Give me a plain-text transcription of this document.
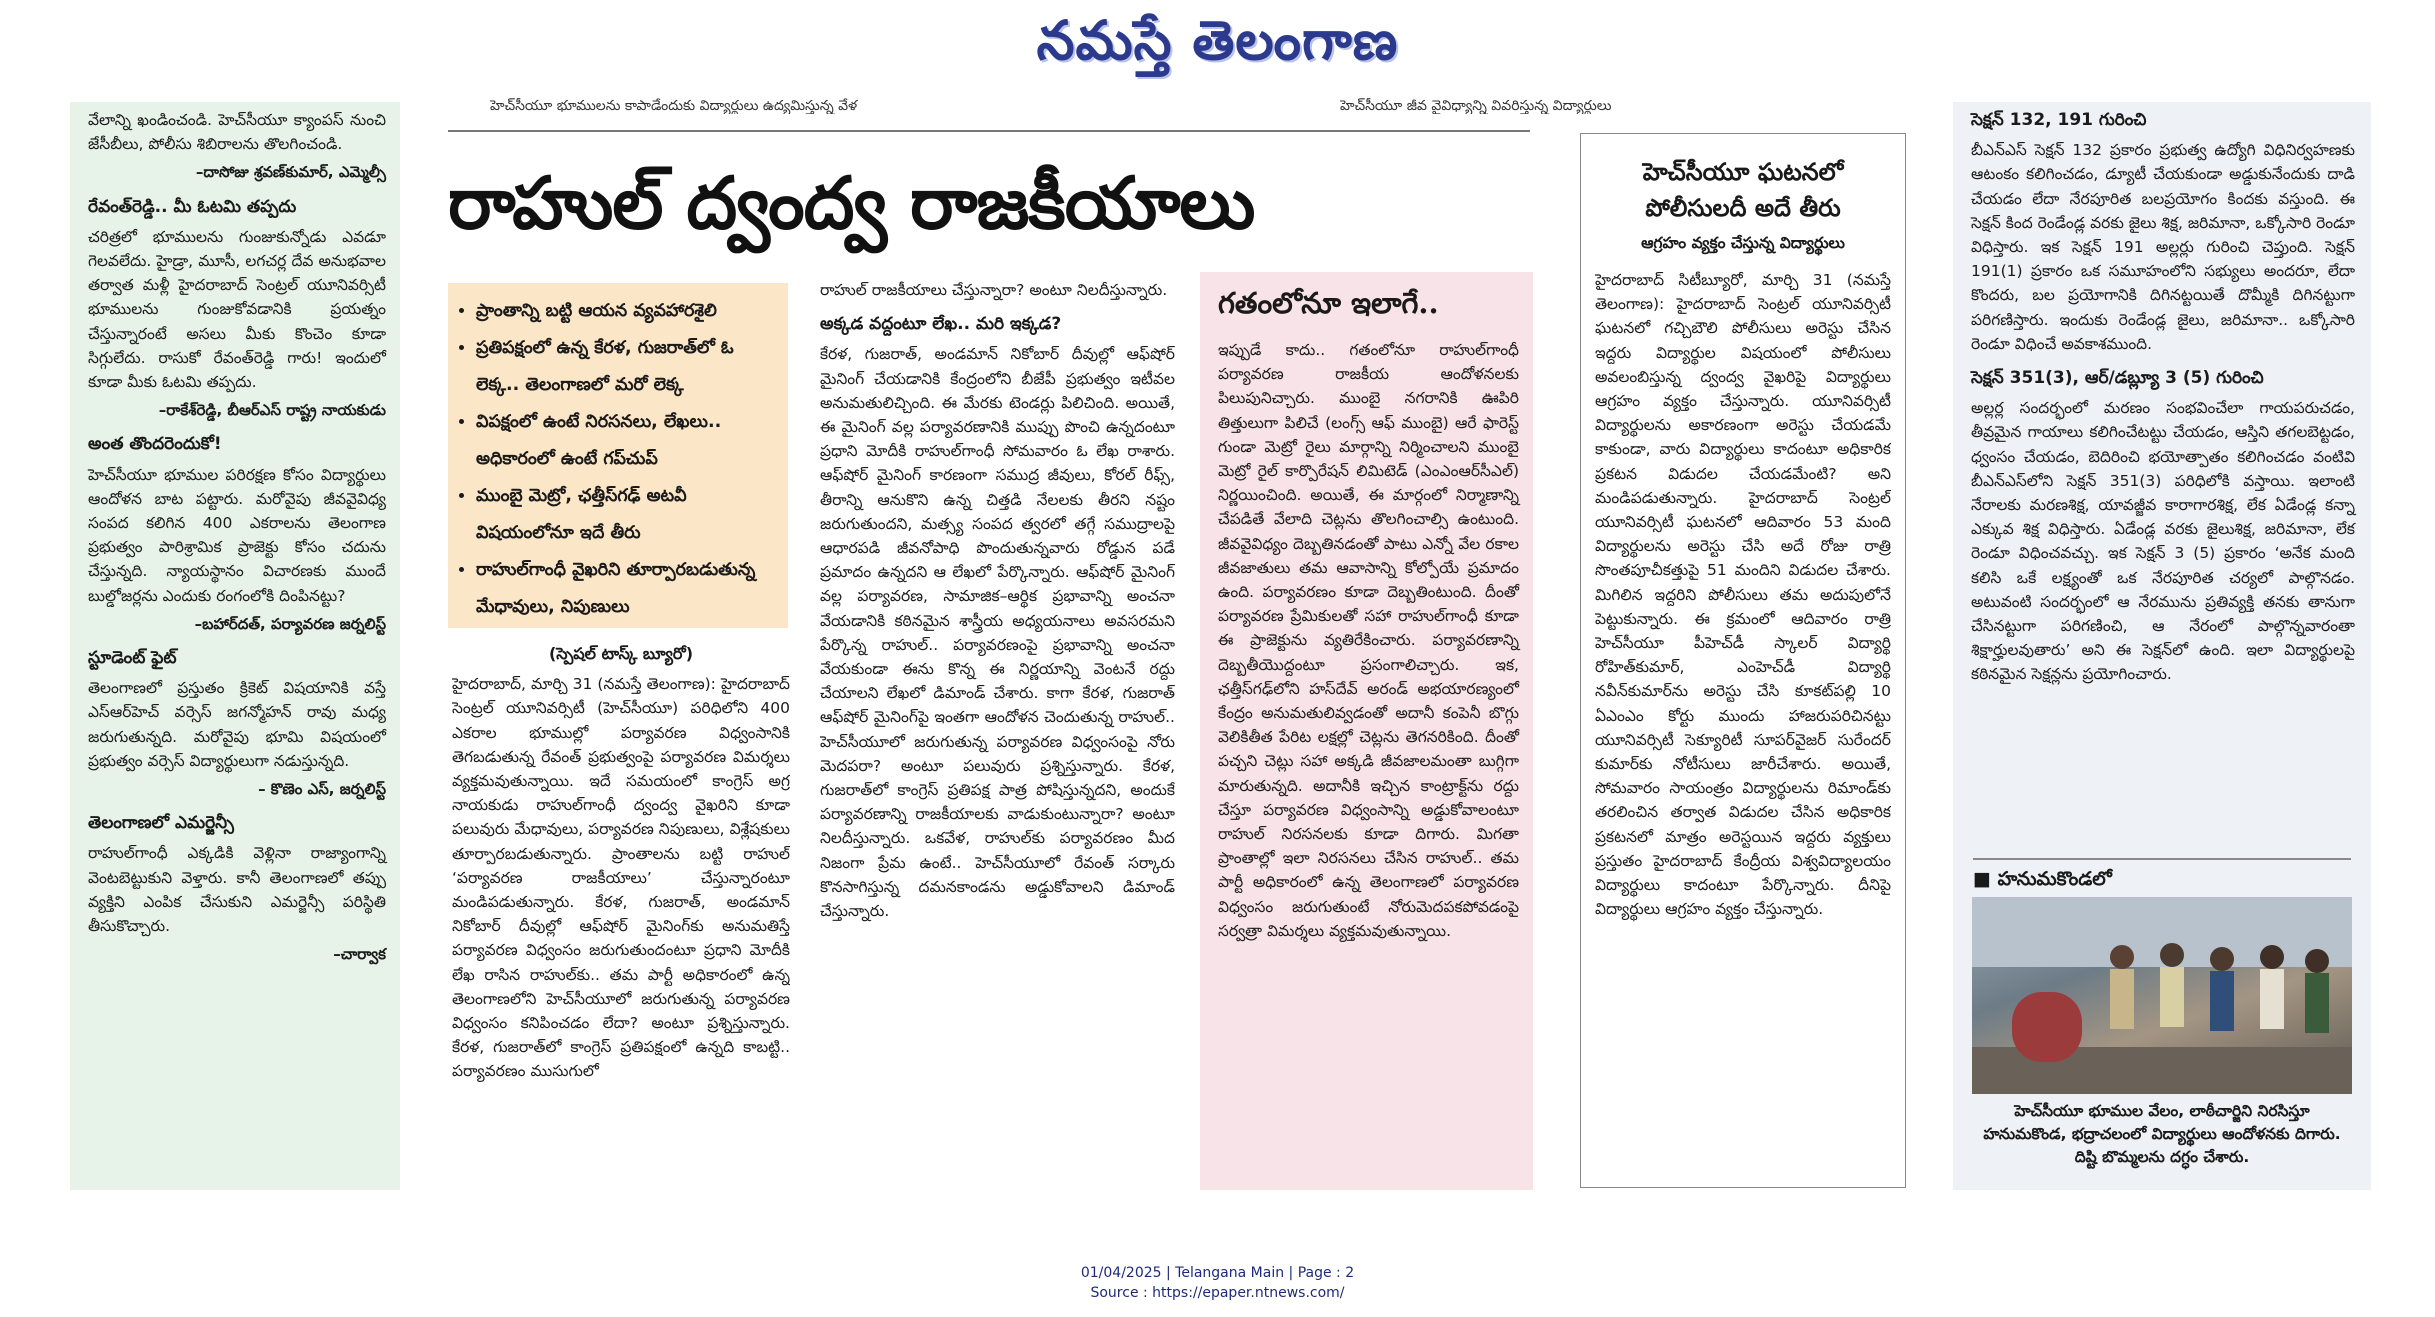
నమస్తే తెలంగాణ
హెచ్‌సీయూ భూములను కాపాడేందుకు విద్యార్థులు ఉద్యమిస్తున్న వేళ	హెచ్‌సీయూ జీవ వైవిధ్యాన్ని వివరిస్తున్న విద్యార్థులు

వేలాన్ని ఖండించండి. హెచ్‌సీయూ క్యాంపస్ నుంచి జేసీబీలు, పోలీసు శిబిరాలను తొలగించండి.

–దాసోజు శ్రవణ్‌కుమార్, ఎమ్మెల్సీ
రేవంత్‌రెడ్డి.. మీ ఓటమి తప్పదు

చరిత్రలో భూములను గుంజుకున్నోడు ఎవడూ గెలవలేదు. హైడ్రా, మూసీ, లగచర్ల దేవ అనుభవాల తర్వాత మళ్లీ హైదరాబాద్ సెంట్రల్ యూనివర్సిటీ భూములను గుంజుకోవడానికి ప్రయత్నం చేస్తున్నారంటే అసలు మీకు కొంచెం కూడా సిగ్గులేదు. రాసుకో రేవంత్‌రెడ్డి గారు! ఇందులో కూడా మీకు ఓటమి తప్పదు.

–రాకేశ్‌రెడ్డి, బీఆర్‌ఎస్ రాష్ట్ర నాయకుడు
అంత తొందరెందుకో!

హెచ్‌సీయూ భూముల పరిరక్షణ కోసం విద్యార్థులు ఆందోళన బాట పట్టారు. మరోవైపు జీవవైవిధ్య సంపద కలిగిన 400 ఎకరాలను తెలంగాణ ప్రభుత్వం పారిశ్రామిక ప్రాజెక్టు కోసం చదును చేస్తున్నది. న్యాయస్థానం విచారణకు ముందే బుల్డోజర్లను ఎందుకు రంగంలోకి దింపినట్టు?

–బహార్‌దత్, పర్యావరణ జర్నలిస్ట్
స్టూడెంట్ ఫైట్

తెలంగాణలో ప్రస్తుతం క్రికెట్ విషయానికి వస్తే ఎస్‌ఆర్‌హెచ్ వర్సెస్ జగన్మోహన్ రావు మధ్య జరుగుతున్నది. మరోవైపు భూమి విషయంలో ప్రభుత్వం వర్సెస్ విద్యార్థులుగా నడుస్తున్నది.

– కొణెం ఎస్, జర్నలిస్ట్
తెలంగాణలో ఎమర్జెన్సీ

రాహుల్‌గాంధీ ఎక్కడికి వెళ్లినా రాజ్యాంగాన్ని వెంటబెట్టుకుని వెళ్తారు. కానీ తెలంగాణలో తప్పు వ్యక్తిని ఎంపిక చేసుకుని ఎమర్జెన్సీ పరిస్థితి తీసుకొచ్చారు.

–చార్వాక
రాహుల్ ద్వంద్వ రాజకీయాలు
• ప్రాంతాన్ని బట్టి ఆయన వ్యవహారశైలి
• ప్రతిపక్షంలో ఉన్న కేరళ, గుజరాత్‌లో ఓ లెక్క.. తెలంగాణలో మరో లెక్క
• విపక్షంలో ఉంటే నిరసనలు, లేఖలు.. అధికారంలో ఉంటే గప్‌చుప్
• ముంబై మెట్రో, ఛత్తీస్‌గఢ్ అటవీ విషయంలోనూ ఇదే తీరు
• రాహుల్‌గాంధీ వైఖరిని తూర్పారబడుతున్న మేధావులు, నిపుణులు
(స్పెషల్ టాస్క్ బ్యూరో)

హైదరాబాద్, మార్చి 31 (నమస్తే తెలంగాణ): హైదరాబాద్ సెంట్రల్ యూనివర్సిటీ (హెచ్‌సీయూ) పరిధిలోని 400 ఎకరాల భూముల్లో పర్యావరణ విధ్వంసానికి తెగబడుతున్న రేవంత్ ప్రభుత్వంపై పర్యావరణ విమర్శలు వ్యక్తమవుతున్నాయి. ఇదే సమయంలో కాంగ్రెస్ అగ్ర నాయకుడు రాహుల్‌గాంధీ ద్వంద్వ వైఖరిని కూడా పలువురు మేధావులు, పర్యావరణ నిపుణులు, విశ్లేషకులు తూర్పారబడుతున్నారు. ప్రాంతాలను బట్టి రాహుల్ ‘పర్యావరణ రాజకీయాలు’ చేస్తున్నారంటూ మండిపడుతున్నారు. కేరళ, గుజరాత్, అండమాన్ నికోబార్ దీవుల్లో ఆఫ్‌షోర్ మైనింగ్‌కు అనుమతిస్తే పర్యావరణ విధ్వంసం జరుగుతుందంటూ ప్రధాని మోదీకి లేఖ రాసిన రాహుల్‌కు.. తమ పార్టీ అధికారంలో ఉన్న తెలంగాణలోని హెచ్‌సీయూలో జరుగుతున్న పర్యావరణ విధ్వంసం కనిపించడం లేదా? అంటూ ప్రశ్నిస్తున్నారు. కేరళ, గుజరాత్‌లో కాంగ్రెస్ ప్రతిపక్షంలో ఉన్నది కాబట్టి.. పర్యావరణం ముసుగులో

రాహుల్ రాజకీయాలు చేస్తున్నారా? అంటూ నిలదీస్తున్నారు.

అక్కడ వద్దంటూ లేఖ.. మరి ఇక్కడ?

కేరళ, గుజరాత్, అండమాన్ నికోబార్ దీవుల్లో ఆఫ్‌షోర్ మైనింగ్ చేయడానికి కేంద్రంలోని బీజేపీ ప్రభుత్వం ఇటీవల అనుమతులిచ్చింది. ఈ మేరకు టెండర్లు పిలిచింది. అయితే, ఈ మైనింగ్ వల్ల పర్యావరణానికి ముప్పు పొంచి ఉన్నదంటూ ప్రధాని మోదీకి రాహుల్‌గాంధీ సోమవారం ఓ లేఖ రాశారు. ఆఫ్‌షోర్ మైనింగ్ కారణంగా సముద్ర జీవులు, కోరల్ రీఫ్స్, తీరాన్ని ఆనుకొని ఉన్న చిత్తడి నేలలకు తీరని నష్టం జరుగుతుందని, మత్స్య సంపద త్వరలో తగ్గే సముద్రాలపై ఆధారపడి జీవనోపాధి పొందుతున్నవారు రోడ్డున పడే ప్రమాదం ఉన్నదని ఆ లేఖలో పేర్కొన్నారు. ఆఫ్‌షోర్ మైనింగ్ వల్ల పర్యావరణ, సామాజిక–ఆర్థిక ప్రభావాన్ని అంచనా వేయడానికి కఠినమైన శాస్త్రీయ అధ్యయనాలు అవసరమని పేర్కొన్న రాహుల్.. పర్యావరణంపై ప్రభావాన్ని అంచనా వేయకుండా ఈను కొన్న ఈ నిర్ణయాన్ని వెంటనే రద్దు చేయాలని లేఖలో డిమాండ్ చేశారు. కాగా కేరళ, గుజరాత్ ఆఫ్‌షోర్ మైనింగ్‌పై ఇంతగా ఆందోళన చెందుతున్న రాహుల్.. హెచ్‌సీయూలో జరుగుతున్న పర్యావరణ విధ్వంసంపై నోరు మెదపరా? అంటూ పలువురు ప్రశ్నిస్తున్నారు. కేరళ, గుజరాత్‌లో కాంగ్రెస్ ప్రతిపక్ష పాత్ర పోషిస్తున్నదని, అందుకే పర్యావరణాన్ని రాజకీయాలకు వాడుకుంటున్నారా? అంటూ నిలదీస్తున్నారు. ఒకవేళ, రాహుల్‌కు పర్యావరణం మీద నిజంగా ప్రేమ ఉంటే.. హెచ్‌సీయూలో రేవంత్ సర్కారు కొనసాగిస్తున్న దమనకాండను అడ్డుకోవాలని డిమాండ్ చేస్తున్నారు.

గతంలోనూ ఇలాగే..
ఇప్పుడే కాదు.. గతంలోనూ రాహుల్‌గాంధీ పర్యావరణ రాజకీయ ఆందోళనలకు పిలుపునిచ్చారు. ముంబై నగరానికి ఊపిరి తిత్తులుగా పిలిచే (లంగ్స్ ఆఫ్ ముంబై) ఆరే ఫారెస్ట్ గుండా మెట్రో రైలు మార్గాన్ని నిర్మించాలని ముంబై మెట్రో రైల్ కార్పొరేషన్ లిమిటెడ్ (ఎంఎంఆర్‌సీఎల్) నిర్ణయించింది. అయితే, ఈ మార్గంలో నిర్మాణాన్ని చేపడితే వేలాది చెట్లను తొలగించాల్సి ఉంటుంది. జీవవైవిధ్యం దెబ్బతినడంతో పాటు ఎన్నో వేల రకాల జీవజాతులు తమ ఆవాసాన్ని కోల్పోయే ప్రమాదం ఉంది. పర్యావరణం కూడా దెబ్బతింటుంది. దీంతో పర్యావరణ ప్రేమికులతో సహా రాహుల్‌గాంధీ కూడా ఈ ప్రాజెక్టును వ్యతిరేకించారు. పర్యావరణాన్ని దెబ్బతీయొద్దంటూ ప్రసంగాలిచ్చారు. ఇక, ఛత్తీస్‌గఢ్‌లోని హస్‌దేవ్ అరండ్ అభయారణ్యంలో కేంద్రం అనుమతులివ్వడంతో అదానీ కంపెనీ బొగ్గు వెలికితీత పేరిట లక్షల్లో చెట్లను తెగనరికింది. దీంతో పచ్చని చెట్లు సహా అక్కడి జీవజాలమంతా బుగ్గిగా మారుతున్నది. అదానీకి ఇచ్చిన కాంట్రాక్ట్‌ను రద్దు చేస్తూ పర్యావరణ విధ్వంసాన్ని అడ్డుకోవాలంటూ రాహుల్ నిరసనలకు కూడా దిగారు. మిగతా ప్రాంతాల్లో ఇలా నిరసనలు చేసిన రాహుల్.. తమ పార్టీ అధికారంలో ఉన్న తెలంగాణలో పర్యావరణ విధ్వంసం జరుగుతుంటే నోరుమెదపకపోవడంపై సర్వత్రా విమర్శలు వ్యక్తమవుతున్నాయి.
హెచ్‌సీయూ ఘటనలో పోలీసులదీ అదే తీరు
ఆగ్రహం వ్యక్తం చేస్తున్న విద్యార్థులు
హైదరాబాద్ సిటీబ్యూరో, మార్చి 31 (నమస్తే తెలంగాణ): హైదరాబాద్ సెంట్రల్ యూనివర్సిటీ ఘటనలో గచ్చిబౌలి పోలీసులు అరెస్టు చేసిన ఇద్దరు విద్యార్థుల విషయంలో పోలీసులు అవలంబిస్తున్న ద్వంద్వ వైఖరిపై విద్యార్థులు ఆగ్రహం వ్యక్తం చేస్తున్నారు. యూనివర్సిటీ విద్యార్థులను అకారణంగా అరెస్టు చేయడమే కాకుండా, వారు విద్యార్థులు కాదంటూ అధికారిక ప్రకటన విడుదల చేయడమేంటి? అని మండిపడుతున్నారు. హైదరాబాద్ సెంట్రల్ యూనివర్సిటీ ఘటనలో ఆదివారం 53 మంది విద్యార్థులను అరెస్టు చేసి అదే రోజు రాత్రి సొంతపూచీకత్తుపై 51 మందిని విడుదల చేశారు. మిగిలిన ఇద్దరిని పోలీసులు తమ అదుపులోనే పెట్టుకున్నారు. ఈ క్రమంలో ఆదివారం రాత్రి హెచ్‌సీయూ పీహెచ్‌డీ స్కాలర్ విద్యార్థి రోహిత్‌కుమార్, ఎంహెచ్‌డీ విద్యార్థి నవీన్‌కుమార్‌ను అరెస్టు చేసి కూకట్‌పల్లి 10 ఏఎంఎం కోర్టు ముందు హాజరుపరిచినట్టు యూనివర్సిటీ సెక్యూరిటీ సూపర్‌వైజర్ సురేందర్ కుమార్‌కు నోటీసులు జారీచేశారు. అయితే, సోమవారం సాయంత్రం విద్యార్థులను రిమాండ్‌కు తరలించిన తర్వాత విడుదల చేసిన అధికారిక ప్రకటనలో మాత్రం అరెస్టయిన ఇద్దరు వ్యక్తులు ప్రస్తుతం హైదరాబాద్ కేంద్రీయ విశ్వవిద్యాలయం విద్యార్థులు కాదంటూ పేర్కొన్నారు. దీనిపై విద్యార్థులు ఆగ్రహం వ్యక్తం చేస్తున్నారు.
సెక్షన్ 132, 191 గురించి

బీఎన్‌ఎస్ సెక్షన్ 132 ప్రకారం ప్రభుత్వ ఉద్యోగి విధినిర్వహణకు ఆటంకం కలిగించడం, డ్యూటీ చేయకుండా అడ్డుకునేందుకు దాడి చేయడం లేదా నేరపూరిత బలప్రయోగం కిందకు వస్తుంది. ఈ సెక్షన్ కింద రెండేండ్ల వరకు జైలు శిక్ష, జరిమానా, ఒక్కోసారి రెండూ విధిస్తారు. ఇక సెక్షన్ 191 అల్లర్లు గురించి చెప్తుంది. సెక్షన్ 191(1) ప్రకారం ఒక సమూహంలోని సభ్యులు అందరూ, లేదా కొందరు, బల ప్రయోగానికి దిగినట్టయితే దొమ్మీకి దిగినట్టుగా పరిగణిస్తారు. ఇందుకు రెండేండ్ల జైలు, జరిమానా.. ఒక్కోసారి రెండూ విధించే అవకాశముంది.

సెక్షన్ 351(3), ఆర్/డబ్ల్యూ 3 (5) గురించి

అల్లర్ల సందర్భంలో మరణం సంభవించేలా గాయపరుచడం, తీవ్రమైన గాయాలు కలిగించేటట్టు చేయడం, ఆస్తిని తగలబెట్టడం, ధ్వంసం చేయడం, బెదిరించి భయోత్పాతం కలిగించడం వంటివి బీఎన్‌ఎస్‌లోని సెక్షన్ 351(3) పరిధిలోకి వస్తాయి. ఇలాంటి నేరాలకు మరణశిక్ష, యావజ్జీవ కారాగారశిక్ష, లేక ఏడేండ్ల కన్నా ఎక్కువ శిక్ష విధిస్తారు. ఏడేండ్ల వరకు జైలుశిక్ష, జరిమానా, లేక రెండూ విధించవచ్చు. ఇక సెక్షన్ 3 (5) ప్రకారం ‘అనేక మంది కలిసి ఒకే లక్ష్యంతో ఒక నేరపూరిత చర్యలో పాల్గొనడం. అటువంటి సందర్భంలో ఆ నేరమును ప్రతివ్యక్తి తనకు తానుగా చేసినట్టుగా పరిగణించి, ఆ నేరంలో పాల్గొన్నవారంతా శిక్షార్హులవుతారు’ అని ఈ సెక్షన్‌లో ఉంది. ఇలా విద్యార్థులపై కఠినమైన సెక్షన్లను ప్రయోగించారు.

■ హనుమకొండలో
హెచ్‌సీయూ భూముల వేలం, లాఠీచార్జిని నిరసిస్తూ హనుమకొండ, భద్రాచలంలో విద్యార్థులు ఆందోళనకు దిగారు. దిష్టి బొమ్మలను దగ్ధం చేశారు.
01/04/2025 | Telangana Main | Page : 2
Source : https://epaper.ntnews.com/
